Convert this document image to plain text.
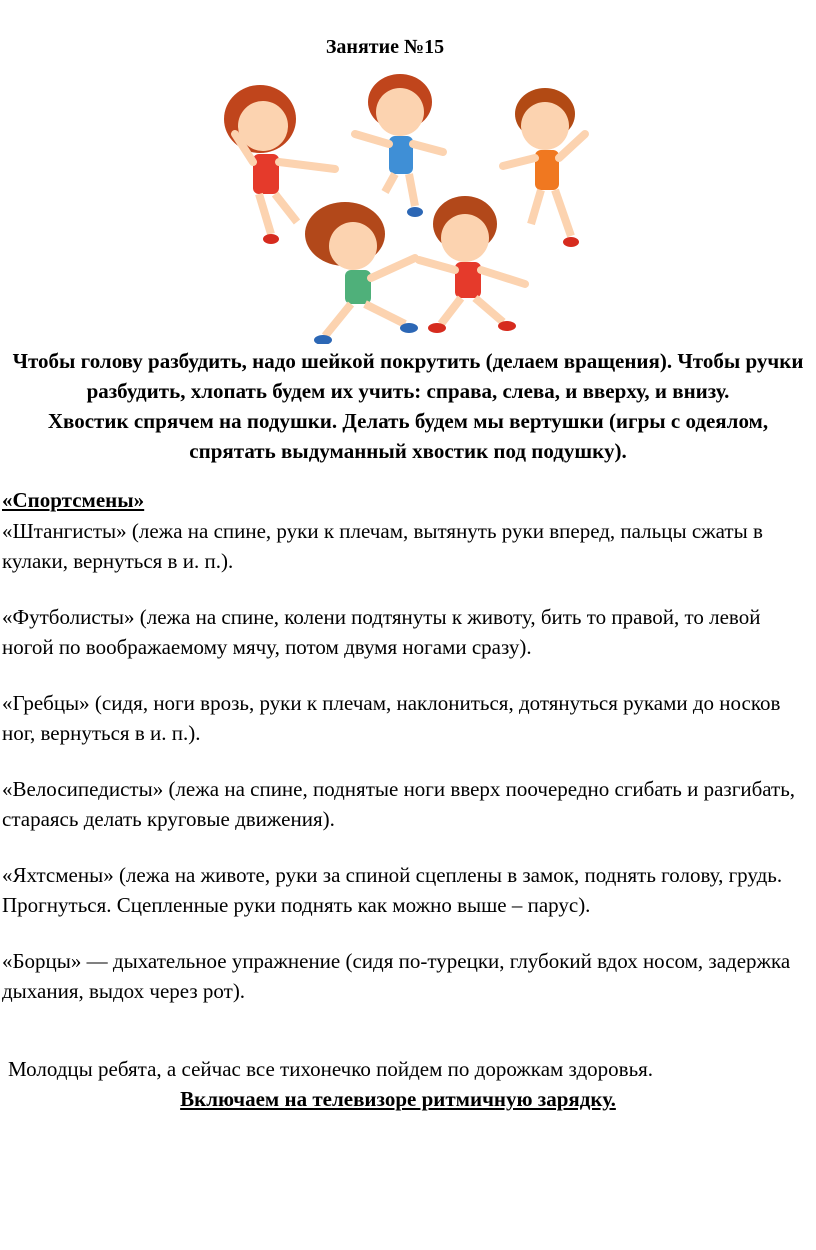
Занятие №15

Чтобы голову разбудить, надо шейкой покрутить (делаем вращения). Чтобы ручки разбудить, хлопать будем их учить: справа, слева, и вверху, и внизу.

Хвостик спрячем на подушки. Делать будем мы вертушки (игры с одеялом, спрятать выдуманный хвостик под подушку).

«Спортсмены»

«Штангисты» (лежа на спине, руки к плечам, вытянуть руки вперед, пальцы сжаты в кулаки, вернуться в и. п.).

«Футболисты» (лежа на спине, колени подтянуты к животу, бить то правой, то левой ногой по воображаемому мячу, потом двумя ногами сразу).

«Гребцы» (сидя, ноги врозь, руки к плечам, наклониться, дотянуться руками до носков ног, вернуться в и. п.).

«Велосипедисты» (лежа на спине, поднятые ноги вверх поочередно сгибать и разгибать, стараясь делать круговые движения).

«Яхтсмены» (лежа на животе, руки за спиной сцеплены в замок, поднять голову, грудь. Прогнуться. Сцепленные руки поднять как можно выше – парус).

«Борцы» — дыхательное упражнение (сидя по-турецки, глубокий вдох носом, задержка дыхания, выдох через рот).

Молодцы ребята, а сейчас все тихонечко пойдем по дорожкам здоровья.

Включаем на телевизоре ритмичную зарядку.
